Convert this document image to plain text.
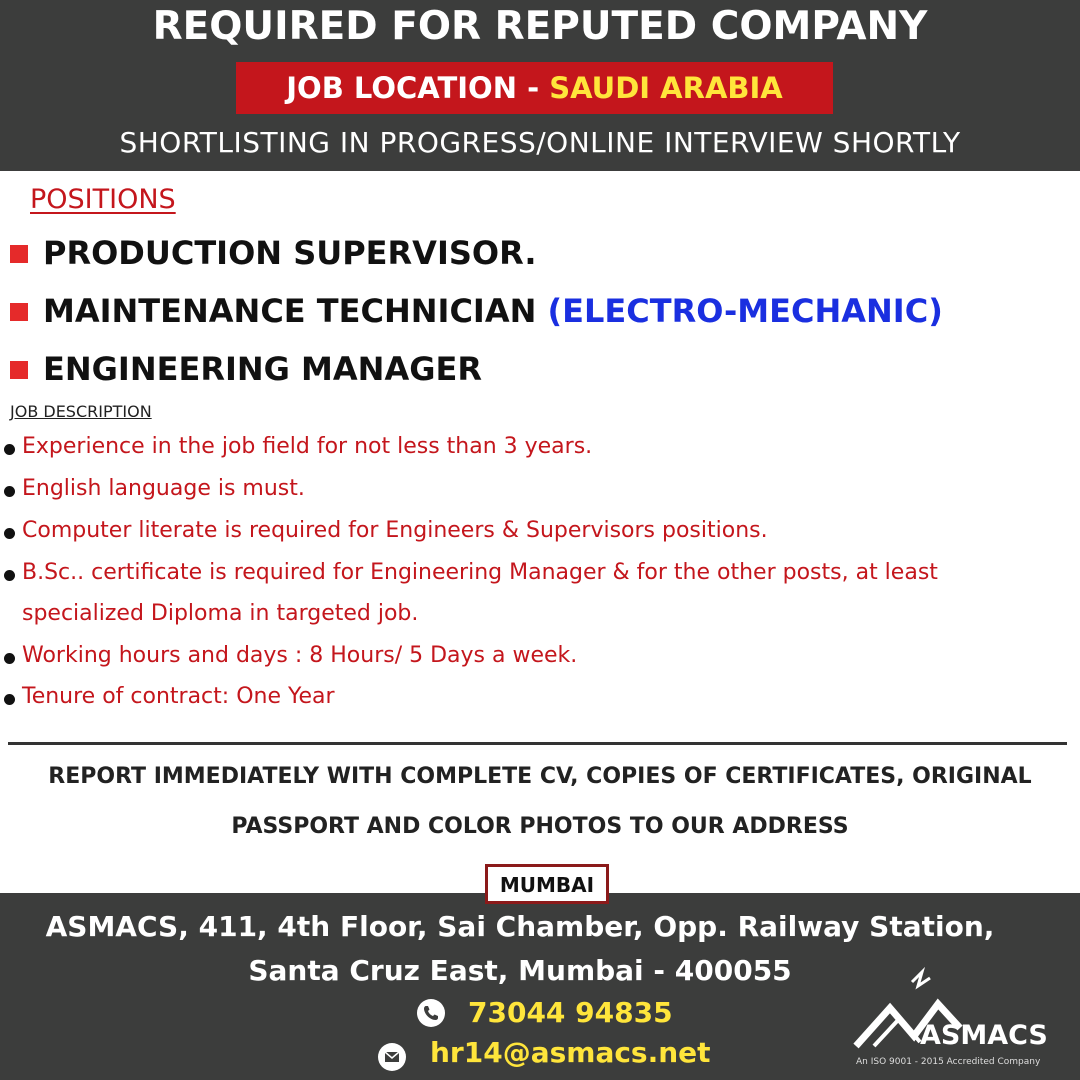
REQUIRED FOR REPUTED COMPANY
JOB LOCATION - SAUDI ARABIA
SHORTLISTING IN PROGRESS/ONLINE INTERVIEW SHORTLY
POSITIONS
PRODUCTION SUPERVISOR.
MAINTENANCE TECHNICIAN (ELECTRO-MECHANIC)
ENGINEERING MANAGER
JOB DESCRIPTION
Experience in the job field for not less than 3 years.
English language is must.
Computer literate is required for Engineers & Supervisors positions.
B.Sc.. certificate is required for Engineering Manager & for the other posts, at least
specialized Diploma in targeted job.
Working hours and days : 8 Hours/ 5 Days a week.
Tenure of contract: One Year
REPORT IMMEDIATELY WITH COMPLETE CV, COPIES OF CERTIFICATES, ORIGINAL
PASSPORT AND COLOR PHOTOS TO OUR ADDRESS
MUMBAI
ASMACS, 411, 4th Floor, Sai Chamber, Opp. Railway Station,
Santa Cruz East, Mumbai - 400055
73044 94835
hr14@asmacs.net
ASMACS
An ISO 9001 - 2015 Accredited Company
